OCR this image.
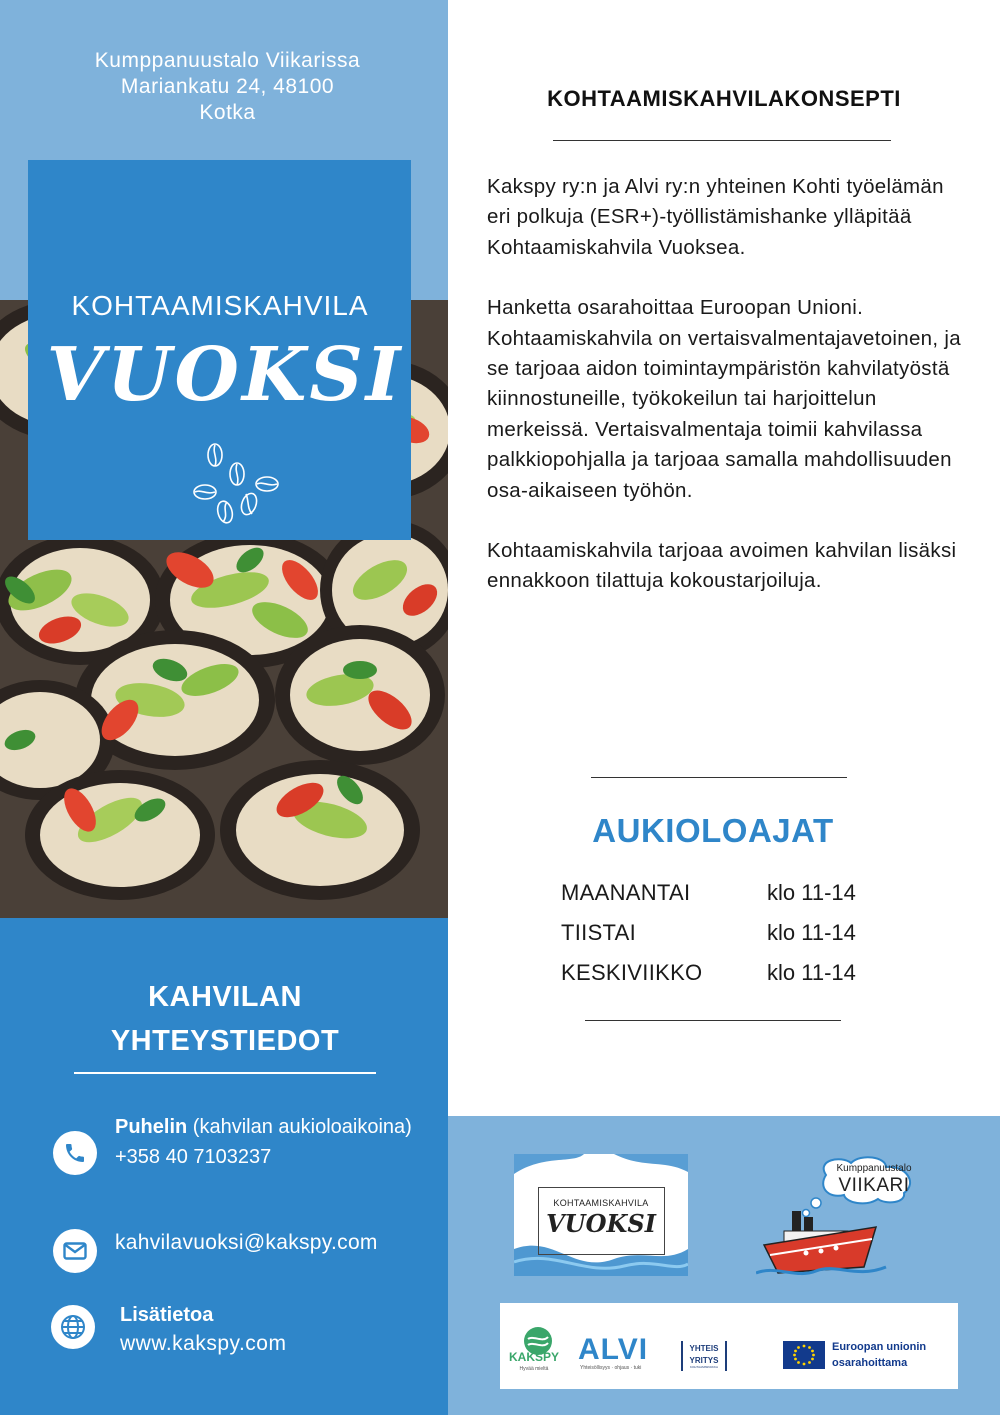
Kumppanuustalo Viikarissa
Mariankatu 24, 48100
Kotka
KOHTAAMISKAHVILA
VUOKSI
KAHVILAN
YHTEYSTIEDOT
Puhelin (kahvilan aukioloaikoina)
+358 40 7103237
kahvilavuoksi@kakspy.com
Lisätietoa
www.kakspy.com
KOHTAAMISKAHVILAKONSEPTI

Kakspy ry:n ja Alvi ry:n yhteinen Kohti työelämän eri polkuja (ESR+)-työllistämishanke ylläpitää Kohtaamiskahvila Vuoksea.

Hanketta osarahoittaa Euroopan Unioni. Kohtaamiskahvila on vertaisvalmentajavetoinen, ja se tarjoaa aidon toimintaympäristön kahvilatyöstä kiinnostuneille, työkokeilun tai harjoittelun merkeissä. Vertaisvalmentaja toimii kahvilassa palkkiopohjalla ja tarjoaa samalla mahdollisuuden osa-aikaiseen työhön.

Kohtaamiskahvila tarjoaa avoimen kahvilan lisäksi ennakkoon tilattuja kokoustarjoiluja.

AUKIOLOAJAT
MAANANTAI	klo 11-14
TIISTAI	klo 11-14
KESKIVIIKKO	klo 11-14
KOHTAAMISKAHVILA
VUOKSI
Kumppanuustalo
VIIKARI
KAKSPY
Hyvää mieltä
ALVI
Yhteisöllisyys · ohjaus · tuki
YHTEIS
YRITYS
KOHTAAMISPAIKKA
Euroopan unionin
osarahoittama
